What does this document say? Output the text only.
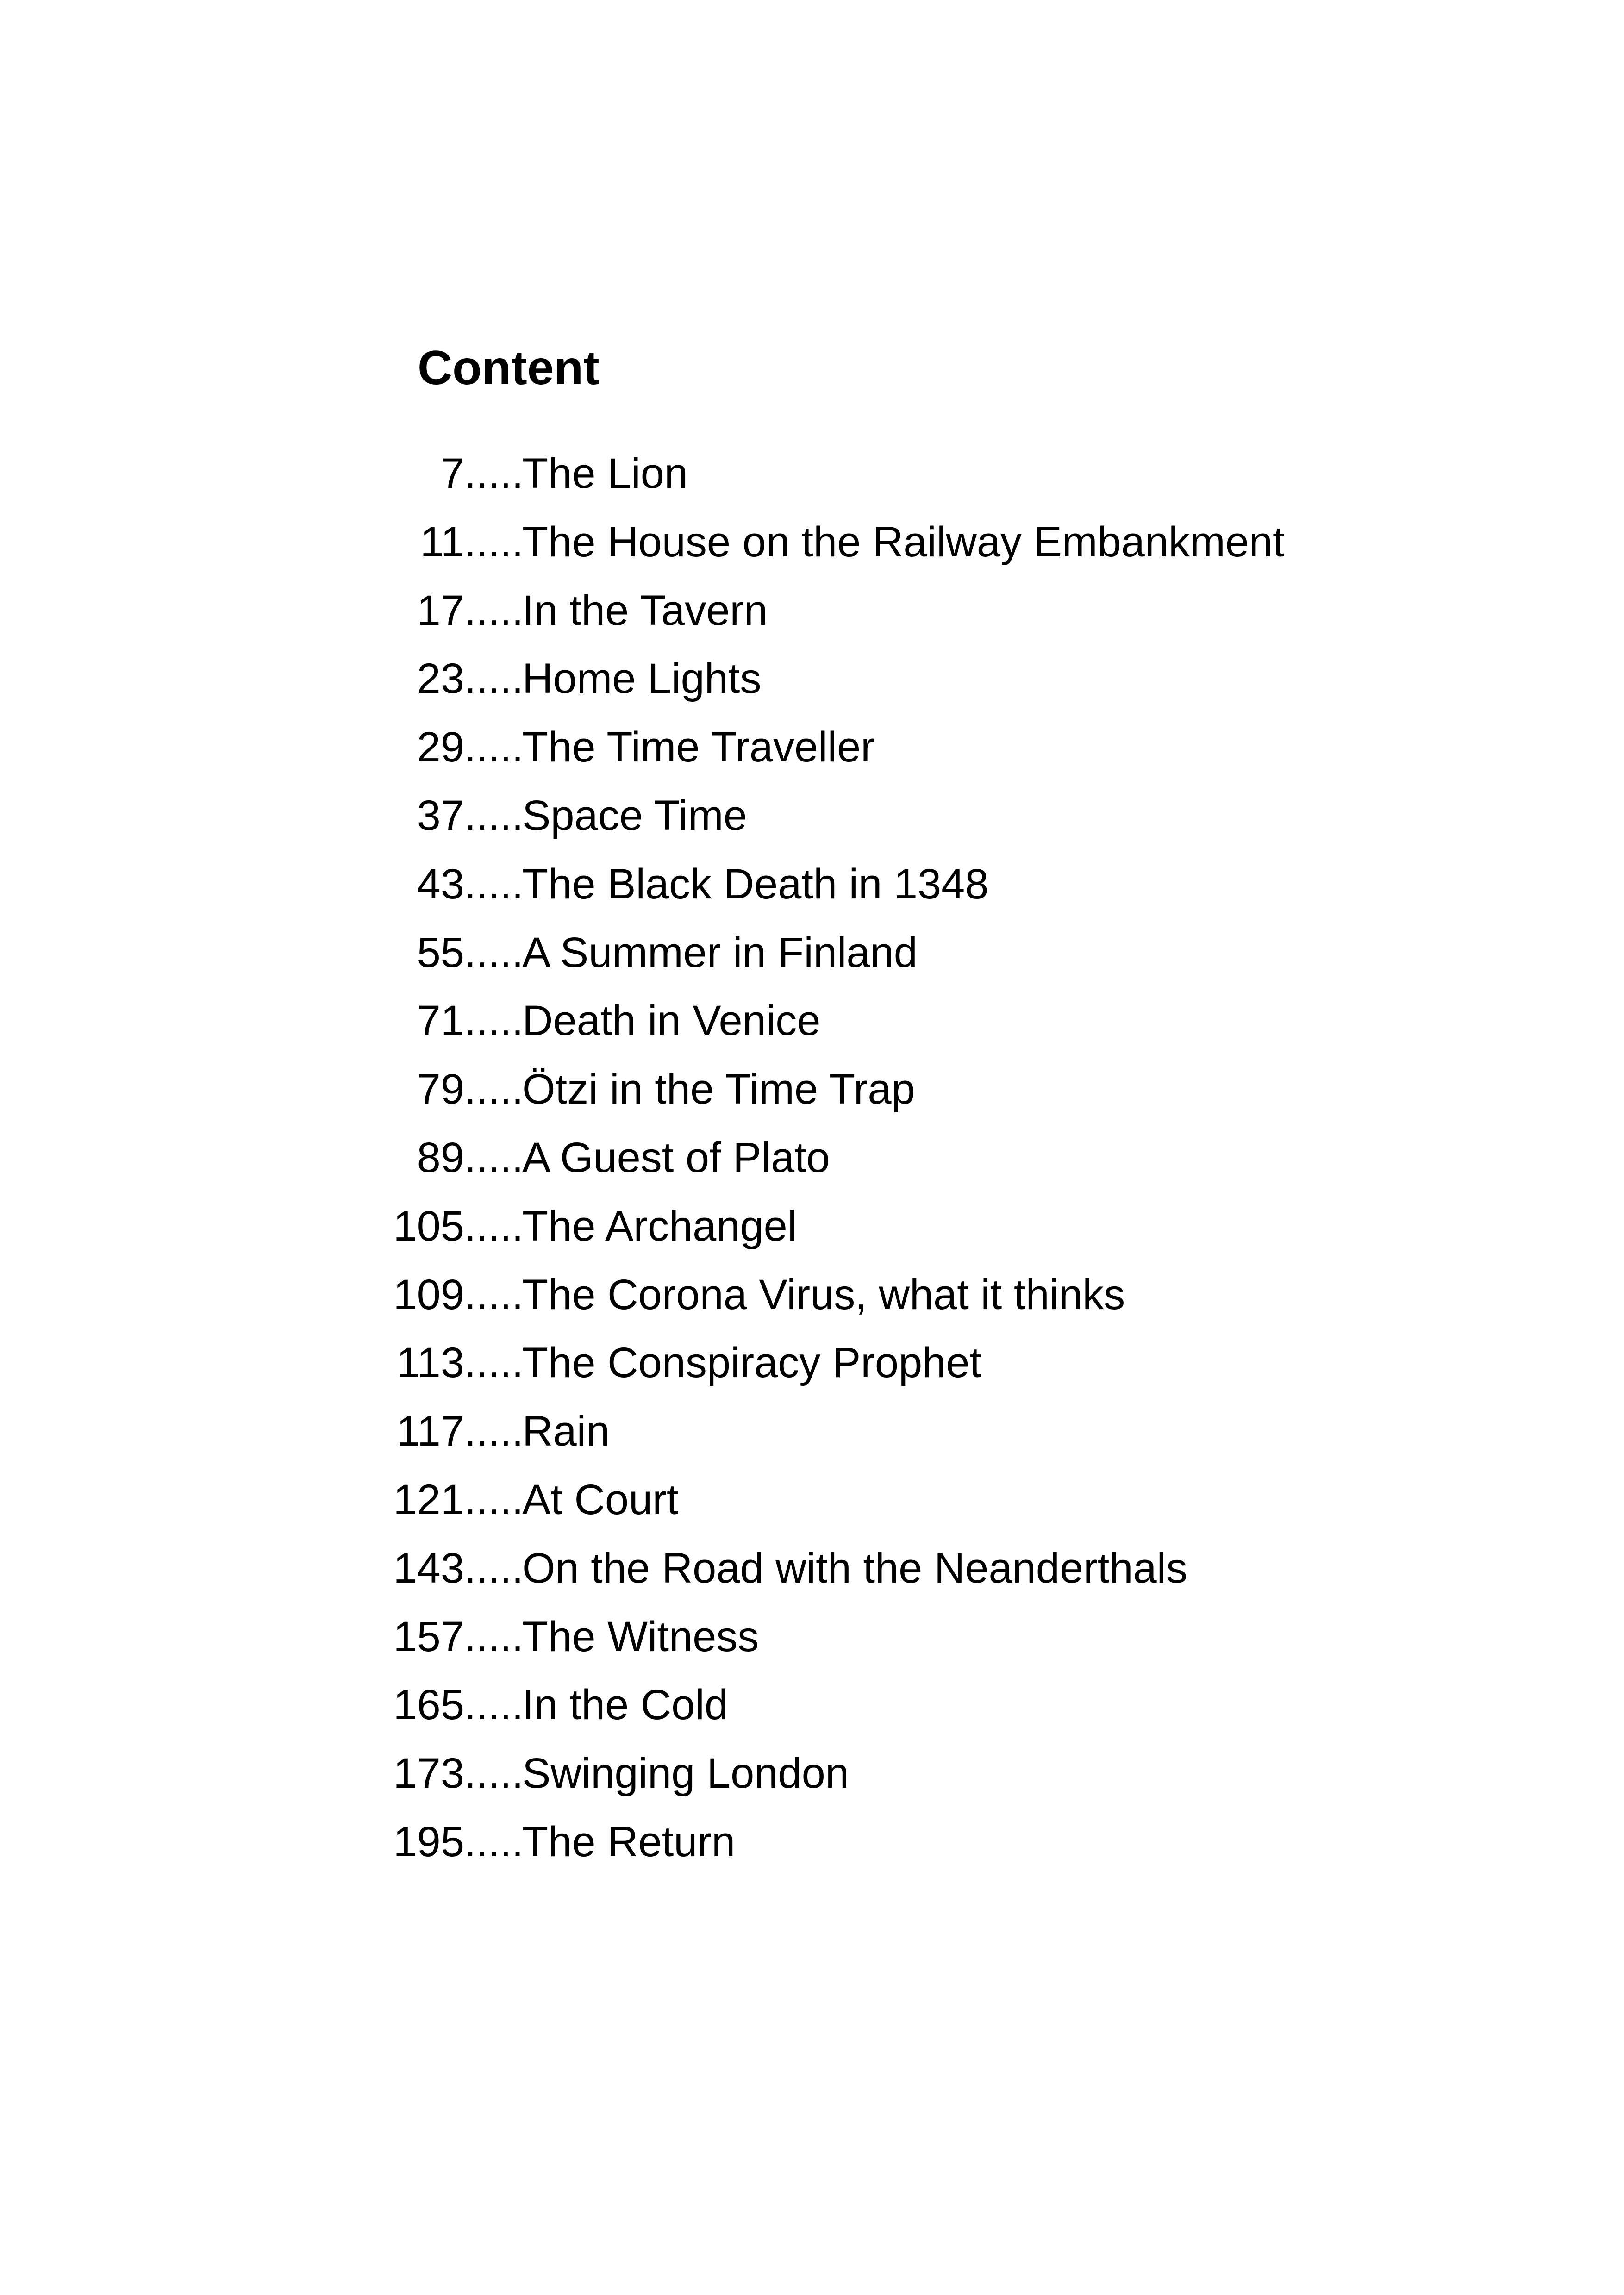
Content
7 .....
The Lion
11 .....
The House on the Railway Embankment
17 .....
In the Tavern
23 .....
Home Lights
29 .....
The Time Traveller
37 .....
Space Time
43 .....
The Black Death in 1348
55 .....
A Summer in Finland
71 .....
Death in Venice
79 .....
Ötzi in the Time Trap
89 .....
A Guest of Plato
105 .....
The Archangel
109 .....
The Corona Virus, what it thinks
113 .....
The Conspiracy Prophet
117 .....
Rain
121 .....
At Court
143 .....
On the Road with the Neanderthals
157 .....
The Witness
165 .....
In the Cold
173 .....
Swinging London
195 .....
The Return
